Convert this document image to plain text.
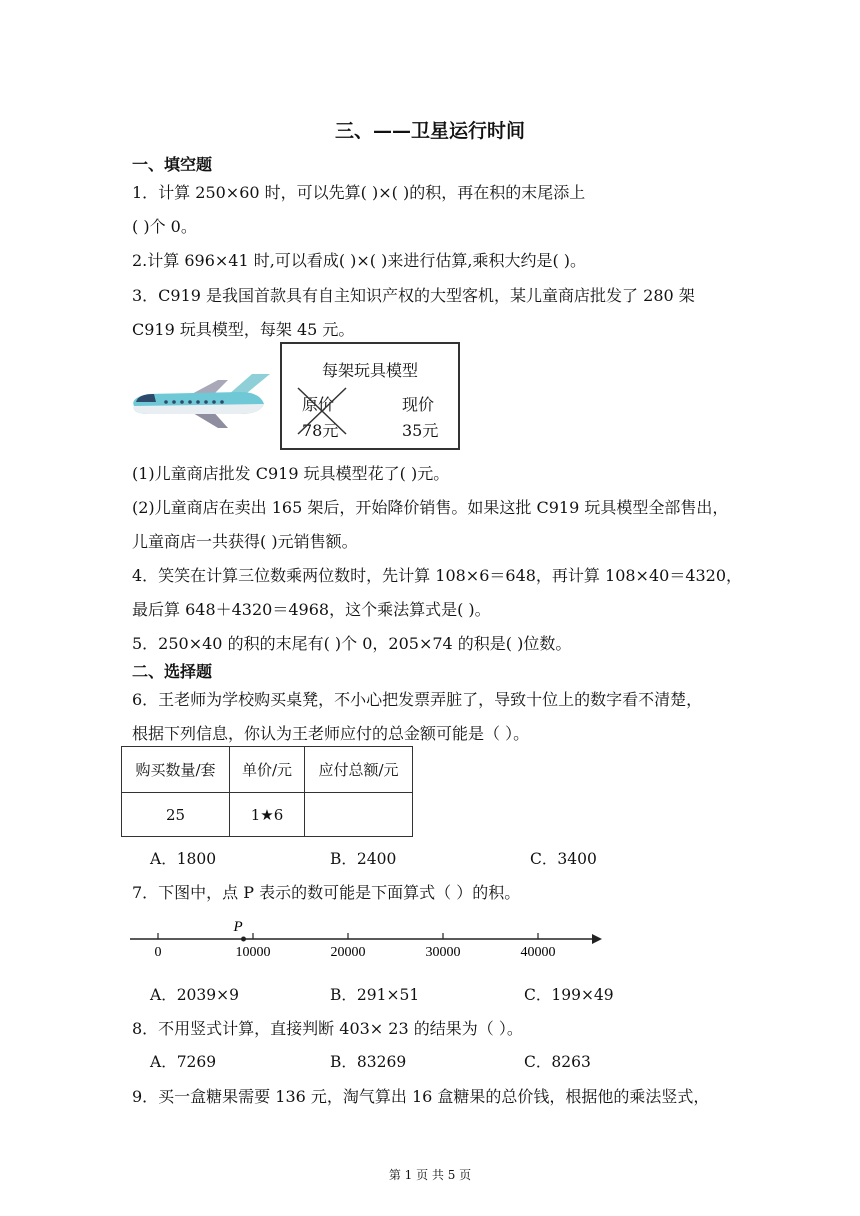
三、——卫星运行时间
一、填空题
1．计算 250×60 时，可以先算( )×( )的积，再在积的末尾添上
( )个 0。
2.计算 696×41 时,可以看成( )×( )来进行估算,乘积大约是( )。
3．C919 是我国首款具有自主知识产权的大型客机，某儿童商店批发了 280 架
C919 玩具模型，每架 45 元。
每架玩具模型
原价
78元
现价
35元
(1)儿童商店批发 C919 玩具模型花了( )元。
(2)儿童商店在卖出 165 架后，开始降价销售。如果这批 C919 玩具模型全部售出，
儿童商店一共获得( )元销售额。
4．笑笑在计算三位数乘两位数时，先计算 108×6＝648，再计算 108×40＝4320，
最后算 648＋4320＝4968，这个乘法算式是( )。
5．250×40 的积的末尾有( )个 0，205×74 的积是( )位数。
二、选择题
6．王老师为学校购买桌凳，不小心把发票弄脏了，导致十位上的数字看不清楚，
根据下列信息，你认为王老师应付的总金额可能是（ ）。
购买数量/套	单价/元	应付总额/元
25	1★6	
A．1800	B．2400	C．3400
7．下图中，点 P 表示的数可能是下面算式（ ）的积。
0	10000	20000	30000	40000
P
A．2039×9	B．291×51	C．199×49
8．不用竖式计算，直接判断 403× 23 的结果为（ ）。
A．7269	B．83269	C．8263
9．买一盒糖果需要 136 元，淘气算出 16 盒糖果的总价钱，根据他的乘法竖式，
第 1 页 共 5 页
